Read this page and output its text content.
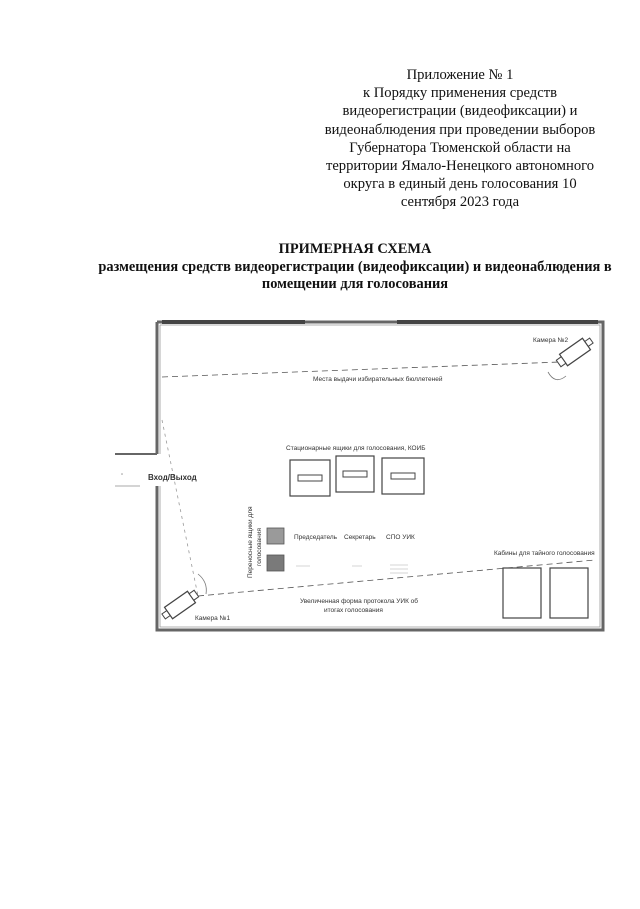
Приложение № 1
к Порядку применения средств
видеорегистрации (видеофиксации) и
видеонаблюдения при проведении выборов
Губернатора Тюменской области на
территории Ямало-Ненецкого автономного
округа в единый день голосования 10
сентября 2023 года
ПРИМЕРНАЯ СХЕМА
размещения средств видеорегистрации (видеофиксации) и видеонаблюдения в
помещении для голосования
Камера №2
Камера №1
Места выдачи избирательных бюллетеней
Стационарные ящики для голосования, КОИБ
Вход/Выход
Переносные ящики для голосования	Председатель Секретарь СПО УИК
Кабины для тайного голосования
Увеличенная форма протокола УИК об
итогах голосования
